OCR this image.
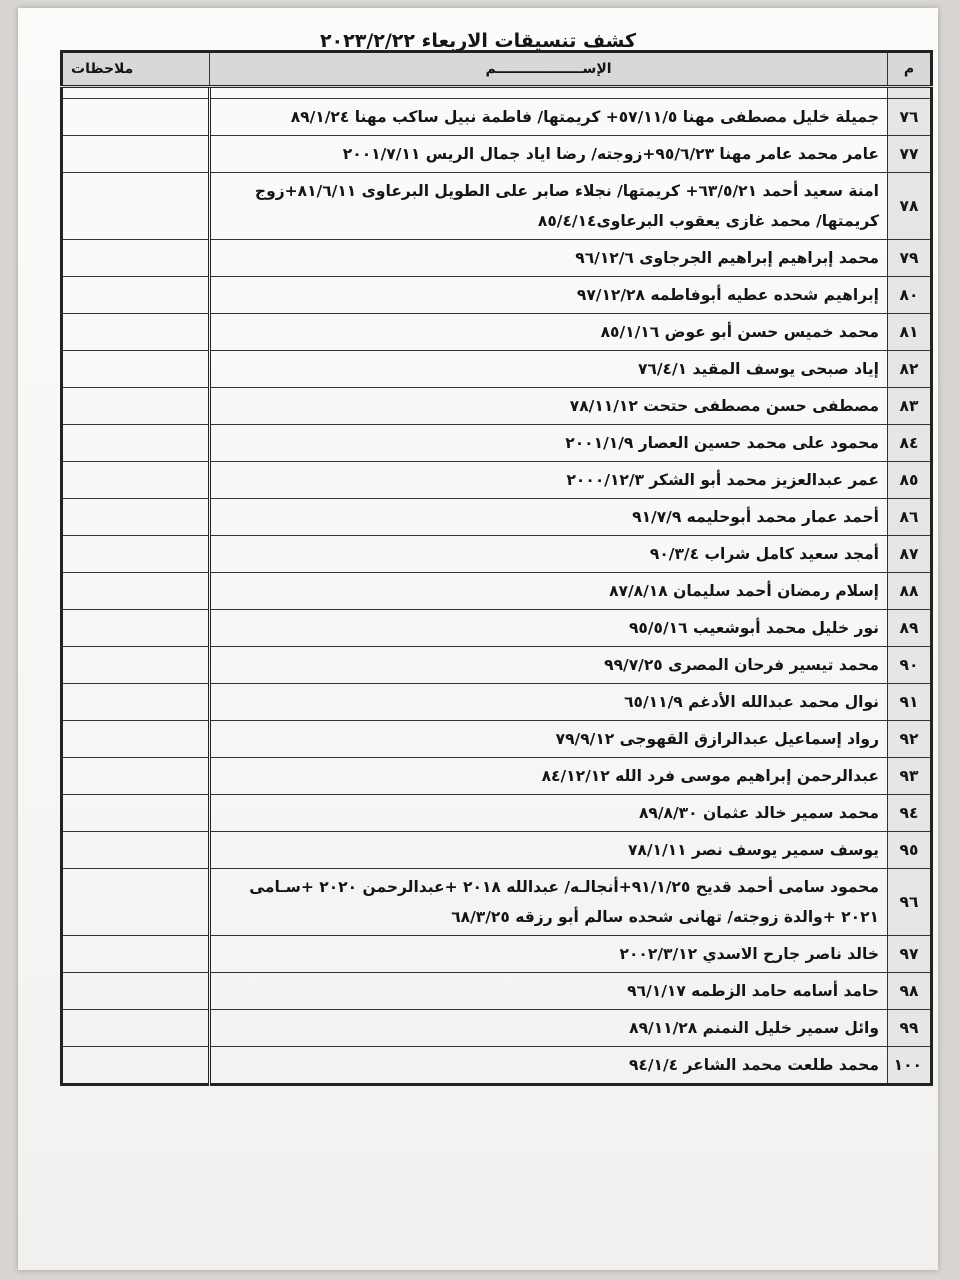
كشف تنسيقات الاربعاء ٢٠٢٣/٢/٢٢
م	الإســــــــــــــــــم	ملاحظات

٧٦	جميلة خليل مصطفى مهنا ٥٧/١١/٥+ كريمتها/ فاطمة نبيل ساكب مهنا ٨٩/١/٢٤	
٧٧	عامر محمد عامر مهنا ٩٥/٦/٢٣+زوجته/ رضا اياد جمال الريس ٢٠٠١/٧/١١	
٧٨	امنة سعيد أحمد ٦٣/٥/٢١+ كريمتها/ نجلاء صابر على الطويل البرعاوى ٨١/٦/١١+زوج كريمتها/ محمد غازى يعقوب البرعاوى٨٥/٤/١٤	
٧٩	محمد إبراهيم إبراهيم الجرجاوى ٩٦/١٢/٦	
٨٠	إبراهيم شحده عطيه أبوفاطمه ٩٧/١٢/٢٨	
٨١	محمد خميس حسن أبو عوض ٨٥/١/١٦	
٨٢	إياد صبحى يوسف المقيد ٧٦/٤/١	
٨٣	مصطفى حسن مصطفى حتحت ٧٨/١١/١٢	
٨٤	محمود على محمد حسين العصار ٢٠٠١/١/٩	
٨٥	عمر عبدالعزيز محمد أبو الشكر ٢٠٠٠/١٢/٣	
٨٦	أحمد عمار محمد أبوحليمه ٩١/٧/٩	
٨٧	أمجد سعيد كامل شراب ٩٠/٣/٤	
٨٨	إسلام رمضان أحمد سليمان ٨٧/٨/١٨	
٨٩	نور خليل محمد أبوشعيب ٩٥/٥/١٦	
٩٠	محمد تيسير فرحان المصرى ٩٩/٧/٢٥	
٩١	نوال محمد عبدالله الأدغم ٦٥/١١/٩	
٩٢	رواد إسماعيل عبدالرازق القهوجى ٧٩/٩/١٢	
٩٣	عبدالرحمن إبراهيم موسى فرد الله ٨٤/١٢/١٢	
٩٤	محمد سمير خالد عثمان ٨٩/٨/٣٠	
٩٥	يوسف سمير يوسف نصر ٧٨/١/١١	
٩٦	محمود سامى أحمد قديح ٩١/١/٢٥+أنجالـه/ عبدالله ٢٠١٨ +عبدالرحمن ٢٠٢٠ +سـامى ٢٠٢١ +والدة زوجته/ تهانى شحده سالم أبو رزقه ٦٨/٣/٢٥	
٩٧	خالد ناصر جارح الاسدي ٢٠٠٢/٣/١٢	
٩٨	حامد أسامه حامد الزطمه ٩٦/١/١٧	
٩٩	وائل سمير خليل النمنم ٨٩/١١/٢٨	
١٠٠	محمد طلعت محمد الشاعر ٩٤/١/٤	
